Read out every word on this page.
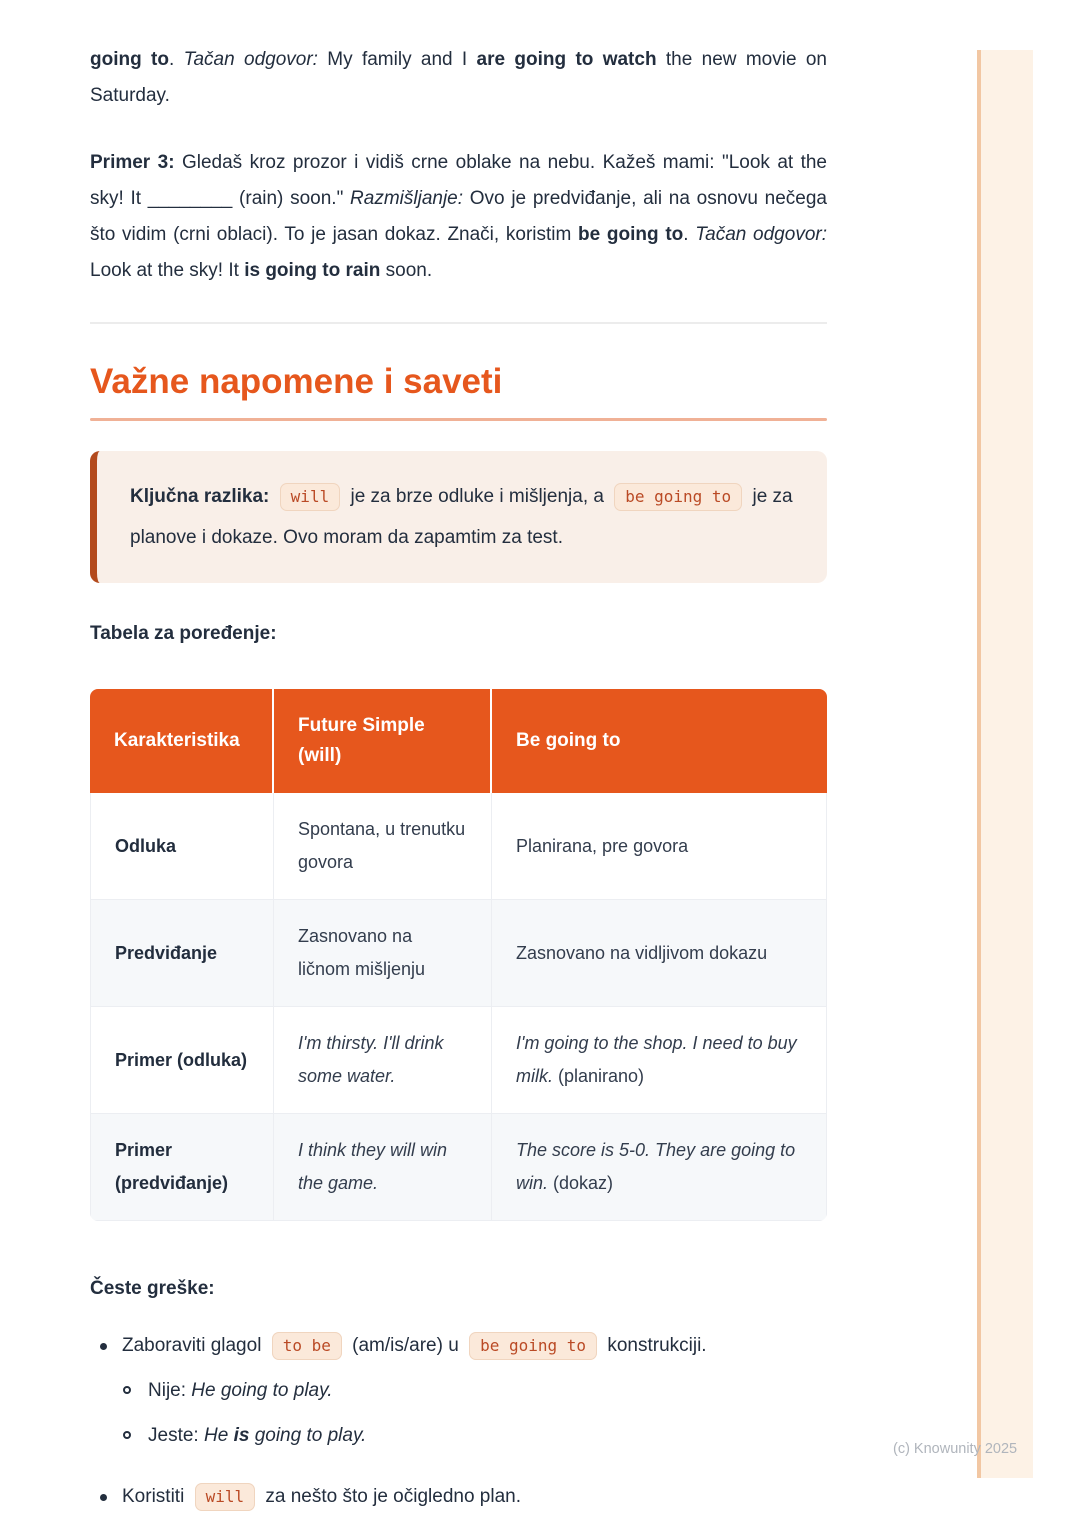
going to. Tačan odgovor: My family and I are going to watch the new movie on Saturday.

Primer 3: Gledaš kroz prozor i vidiš crne oblake na nebu. Kažeš mami: "Look at the sky! It ________ (rain) soon." Razmišljanje: Ovo je predviđanje, ali na osnovu nečega što vidim (crni oblaci). To je jasan dokaz. Znači, koristim be going to. Tačan odgovor: Look at the sky! It is going to rain soon.

Važne napomene i saveti

Ključna razlika: will je za brze odluke i mišljenja, a be going to je za planove i dokaze. Ovo moram da zapamtim za test.

Tabela za poređenje:

Karakteristika	Future Simple (will)	Be going to
Odluka	Spontana, u trenutku govora	Planirana, pre govora
Predviđanje	Zasnovano na ličnom mišljenju	Zasnovano na vidljivom dokazu
Primer (odluka)	I'm thirsty. I'll drink some water.	I'm going to the shop. I need to buy milk. (planirano)
Primer (predviđanje)	I think they will win the game.	The score is 5-0. They are going to win. (dokaz)

Česte greške:

Zaboraviti glagol to be (am/is/are) u be going to konstrukciji.
Nije: He going to play.
Jeste: He is going to play.
Koristiti will za nešto što je očigledno plan.
(c) Knowunity 2025
